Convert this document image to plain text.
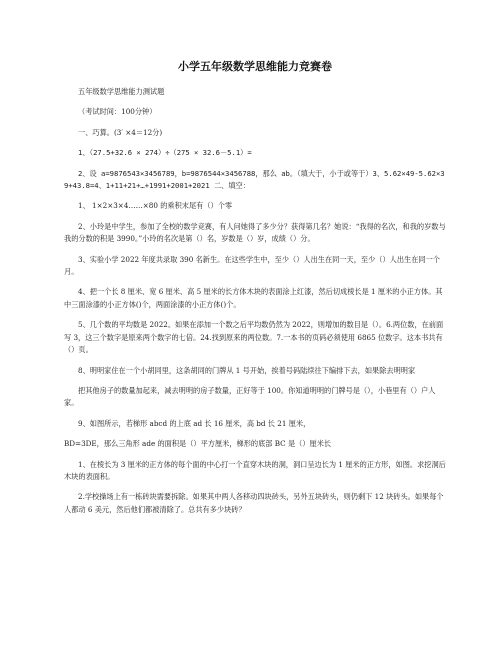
小学五年级数学思维能力竞赛卷
五年级数学思维能力测试题
（考试时间：100分钟）
一、巧算。(3′ ×4＝12分)
1、（27.5+32.6 × 274）÷（275 × 32.6－5.1）=
2、设 a=9876543×3456789，b=9876544×3456788，那么 ab。（填大于，小于或等于）3、5.62×49-5.62×39+43.8=4、1+11+21+…+1991+2001+2021 二、填空：
1、 1×2×3×4……×80 的乘积末尾有（）个零
2、小玲是中学生，参加了全校的数学竞赛，有人问她得了多少分？获得第几名？她说：“我得的名次，和我的岁数与我的分数的积是 3990。”小玲的名次是第（）名，岁数是（）岁，成绩（）分。
3、实验小学 2022 年度共录取 390 名新生。在这些学生中，至少（）人出生在同一天，至少（）人出生在同一个月。
4、把一个长 8 厘米、宽 6 厘米、高 5 厘米的长方体木块的表面涂上红漆，然后切成棱长是 1 厘米的小正方体。其中三面涂漆的小正方体()个，两面涂漆的小正方体()个。
5、几个数的平均数是 2022。如果在添加一个数之后平均数仍然为 2022，则增加的数目是（）。6.两位数，在前面写 3，这三个数字是原来两个数字的七倍。24.找到原来的两位数。7.一本书的页码必须使用 6865 位数字。这本书共有（）页。
8、明明家住在一个小胡同里，这条胡同的门牌从 1 号开始，挨着号码陆续往下编排下去，如果除去明明家
把其他房子的数量加起来，减去明明的房子数量，正好等于 100。你知道明明的门牌号是（），小巷里有（）户人家。
9、如图所示，若梯形 abcd 的上底 ad 长 16 厘米，高 bd 长 21 厘米，
BD=3DE，那么三角形 ade 的面积是（）平方厘米，梯形的底部 BC 是（）厘米长
1、在棱长为 3 厘米的正方体的每个面的中心打一个直穿木块的洞，洞口呈边长为 1 厘米的正方形，如图。求挖洞后木块的表面积。
2.学校操场上有一栋砖块需要拆除。如果其中两人各移动四块砖头，另外五块砖头，则仍剩下 12 块砖头。如果每个人都动 6 美元，然后他们都被清除了。总共有多少块砖？
